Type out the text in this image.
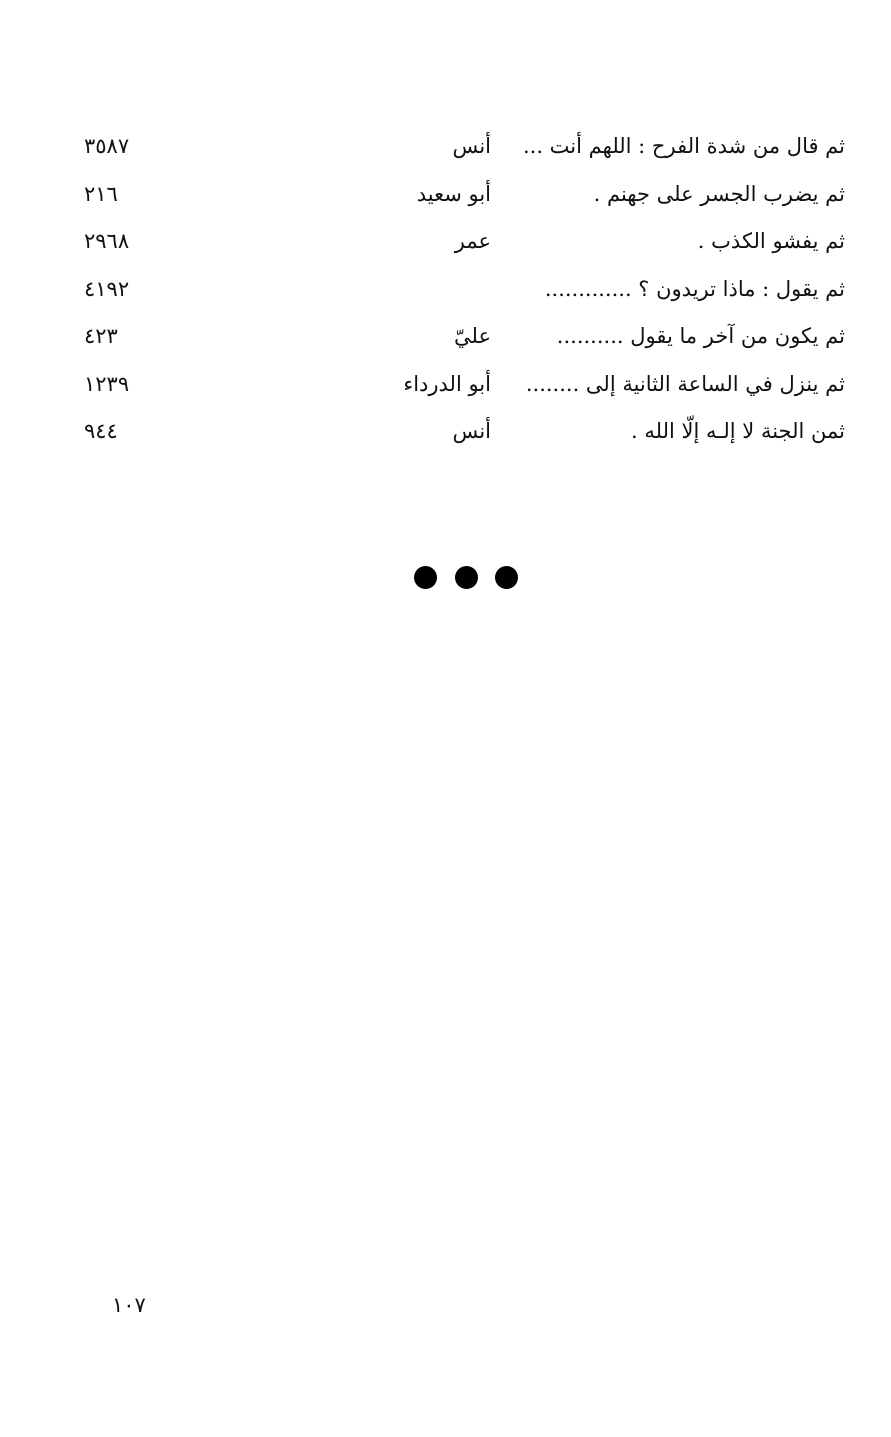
ثم قال من شدة الفرح : اللهم أنت ...
أنس
٣٥٨٧
ثم يضرب الجسر على جهنم .
أبو سعيد
٢١٦
ثم يفشو الكذب .
عمر
٢٩٦٨
ثم يقول : ماذا تريدون ؟ .............
٤١٩٢
ثم يكون من آخر ما يقول ..........
عليّ
٤٢٣
ثم ينزل في الساعة الثانية إلى ........
أبو الدرداء
١٢٣٩
ثمن الجنة لا إلـه إلّا الله .
أنس
٩٤٤
١٠٧
